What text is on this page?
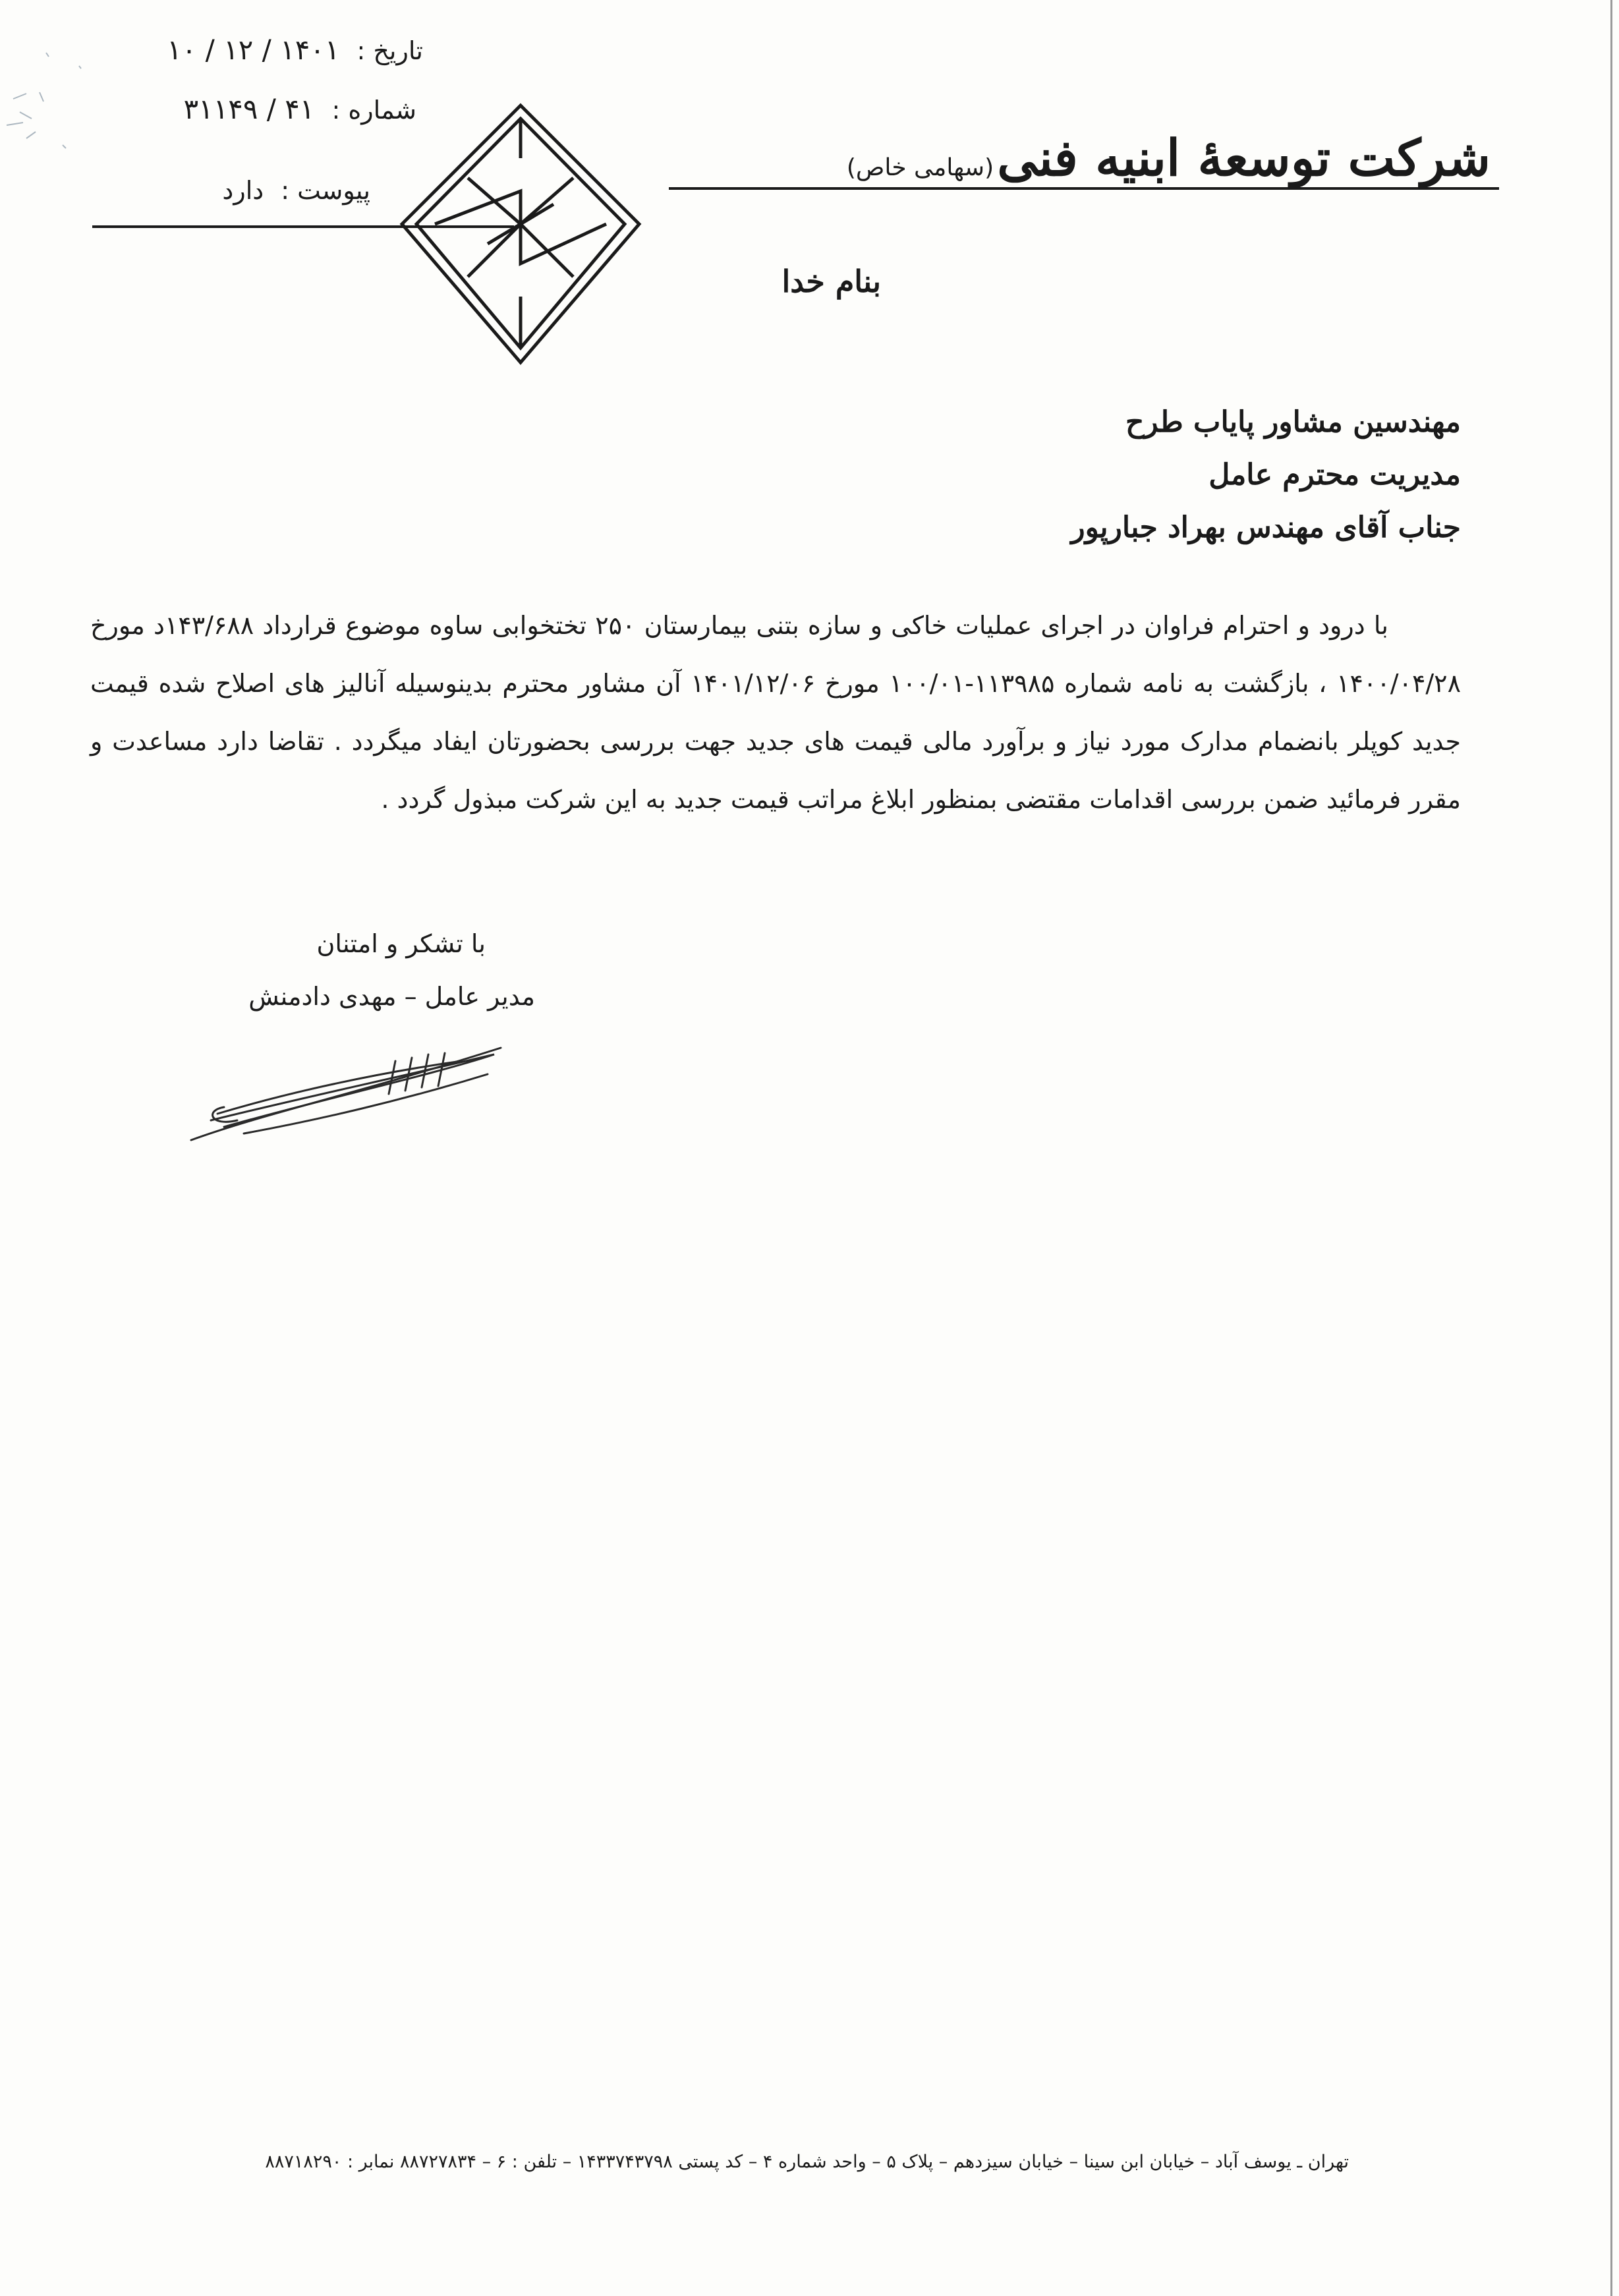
تاریخ : ۱۴۰۱ / ۱۲ / ۱۰
شماره : ۴۱ / ۳۱۱۴۹
پیوست : دارد
شرکت توسعۀ ابنیه فنی (سهامی خاص)
بنام خدا
مهندسین مشاور پایاب طرح
مدیریت محترم عامل
جناب آقای مهندس بهراد جبارپور

با درود و احترام فراوان در اجرای عملیات خاکی و سازه بتنی بیمارستان ۲۵۰ تختخوابی ساوه موضوع قرارداد ۱۴۳/۶۸۸د مورخ ۱۴۰۰/۰۴/۲۸ ، بازگشت به نامه شماره ۱۱۳۹۸۵-۱۰۰/۰۱ مورخ ۱۴۰۱/۱۲/۰۶ آن مشاور محترم بدینوسیله آنالیز های اصلاح شده قیمت جدید کوپلر بانضمام مدارک مورد نیاز و برآورد مالی قیمت های جدید جهت بررسی بحضورتان ایفاد میگردد . تقاضا دارد مساعدت و مقرر فرمائید ضمن بررسی اقدامات مقتضی بمنظور ابلاغ مراتب قیمت جدید به این شرکت مبذول گردد .

با تشکر و امتنان
مدیر عامل – مهدی دادمنش
تهران ـ یوسف آباد – خیابان ابن سینا – خیابان سیزدهم – پلاک ۵ – واحد شماره ۴ – کد پستی ۱۴۳۳۷۴۳۷۹۸ – تلفن : ۶ – ۸۸۷۲۷۸۳۴ نمابر : ۸۸۷۱۸۲۹۰
